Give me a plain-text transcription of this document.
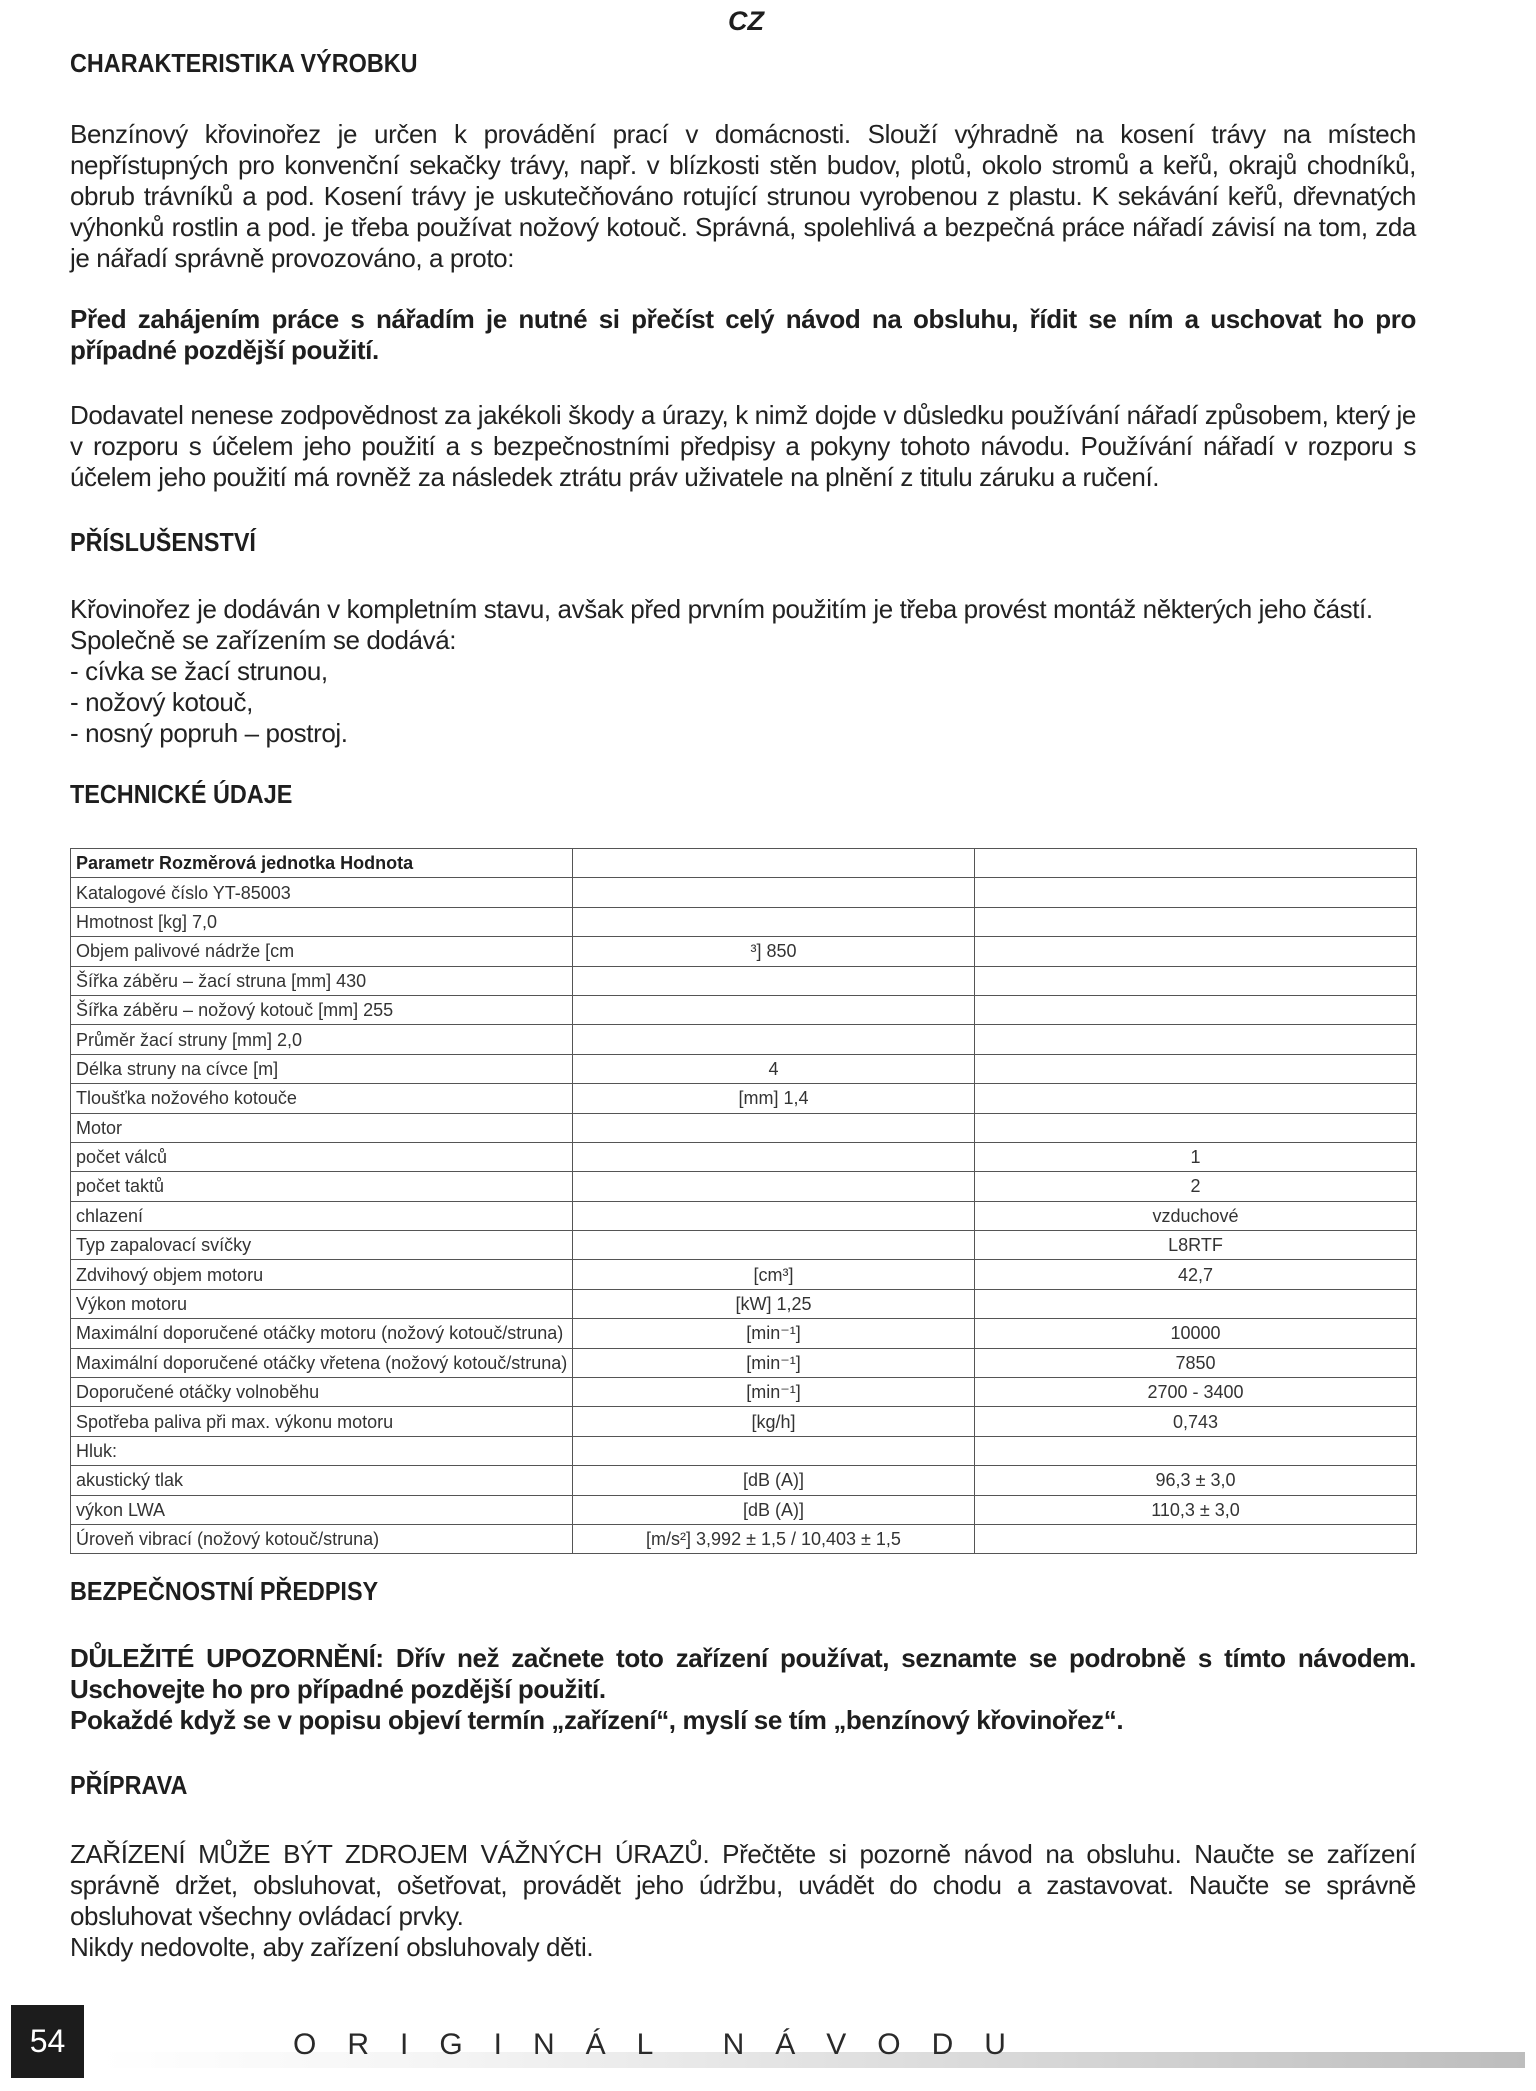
CZ
CHARAKTERISTIKA VÝROBKU

Benzínový křovinořez je určen k provádění prací v domácnosti. Slouží výhradně na kosení trávy na místech nepřístupných pro konvenční sekačky trávy, např. v blízkosti stěn budov, plotů, okolo stromů a keřů, okrajů chodníků, obrub trávníků a pod. Kosení trávy je uskutečňováno rotující strunou vyrobenou z plastu. K sekávání keřů, dřevnatých výhonků rostlin a pod. je třeba používat nožový kotouč. Správná, spolehlivá a bezpečná práce nářadí závisí na tom, zda je nářadí správně provozováno, a proto:

Před zahájením práce s nářadím je nutné si přečíst celý návod na obsluhu, řídit se ním a uschovat ho pro případné pozdější použití.

Dodavatel nenese zodpovědnost za jakékoli škody a úrazy, k nimž dojde v důsledku používání nářadí způsobem, který je v rozporu s účelem jeho použití a s bezpečnostními předpisy a pokyny tohoto návodu. Používání nářadí v rozporu s účelem jeho použití má rovněž za následek ztrátu práv uživatele na plnění z titulu záruku a ručení.

PŘÍSLUŠENSTVÍ

Křovinořez je dodáván v kompletním stavu, avšak před prvním použitím je třeba provést montáž některých jeho částí.

Společně se zařízením se dodává:

- cívka se žací strunou,

- nožový kotouč,

- nosný popruh – postroj.

TECHNICKÉ ÚDAJE
Parametr Rozměrová jednotka Hodnota		
Katalogové číslo YT-85003		
Hmotnost [kg] 7,0		
Objem palivové nádrže [cm	³] 850	
Šířka záběru – žací struna [mm] 430		
Šířka záběru – nožový kotouč [mm] 255		
Průměr žací struny [mm] 2,0		
Délka struny na cívce [m]	4	
Tloušťka nožového kotouče	[mm] 1,4	
Motor		
počet válců		1
počet taktů		2
chlazení		vzduchové
Typ zapalovací svíčky		L8RTF
Zdvihový objem motoru	[cm³]	42,7
Výkon motoru	[kW] 1,25	
Maximální doporučené otáčky motoru (nožový kotouč/struna)	[min⁻¹]	10000
Maximální doporučené otáčky vřetena (nožový kotouč/struna)	[min⁻¹]	7850
Doporučené otáčky volnoběhu	[min⁻¹]	2700 - 3400
Spotřeba paliva při max. výkonu motoru	[kg/h]	0,743
Hluk:		
akustický tlak	[dB (A)]	96,3 ± 3,0
výkon LWA	[dB (A)]	110,3 ± 3,0
Úroveň vibrací (nožový kotouč/struna)	[m/s²] 3,992 ± 1,5 / 10,403 ± 1,5	
BEZPEČNOSTNÍ PŘEDPISY

DŮLEŽITÉ UPOZORNĚNÍ: Dřív než začnete toto zařízení používat, seznamte se podrobně s tímto návodem. Uschovejte ho pro případné pozdější použití.

Pokaždé když se v popisu objeví termín „zařízení“, myslí se tím „benzínový křovinořez“.

PŘÍPRAVA

ZAŘÍZENÍ MŮŽE BÝT ZDROJEM VÁŽNÝCH ÚRAZŮ. Přečtěte si pozorně návod na obsluhu. Naučte se zařízení správně držet, obsluhovat, ošetřovat, provádět jeho údržbu, uvádět do chodu a zastavovat. Naučte se správně obsluhovat všechny ovládací prvky.

Nikdy nedovolte, aby zařízení obsluhovaly děti.

54	ORIGINÁL NÁVODU
